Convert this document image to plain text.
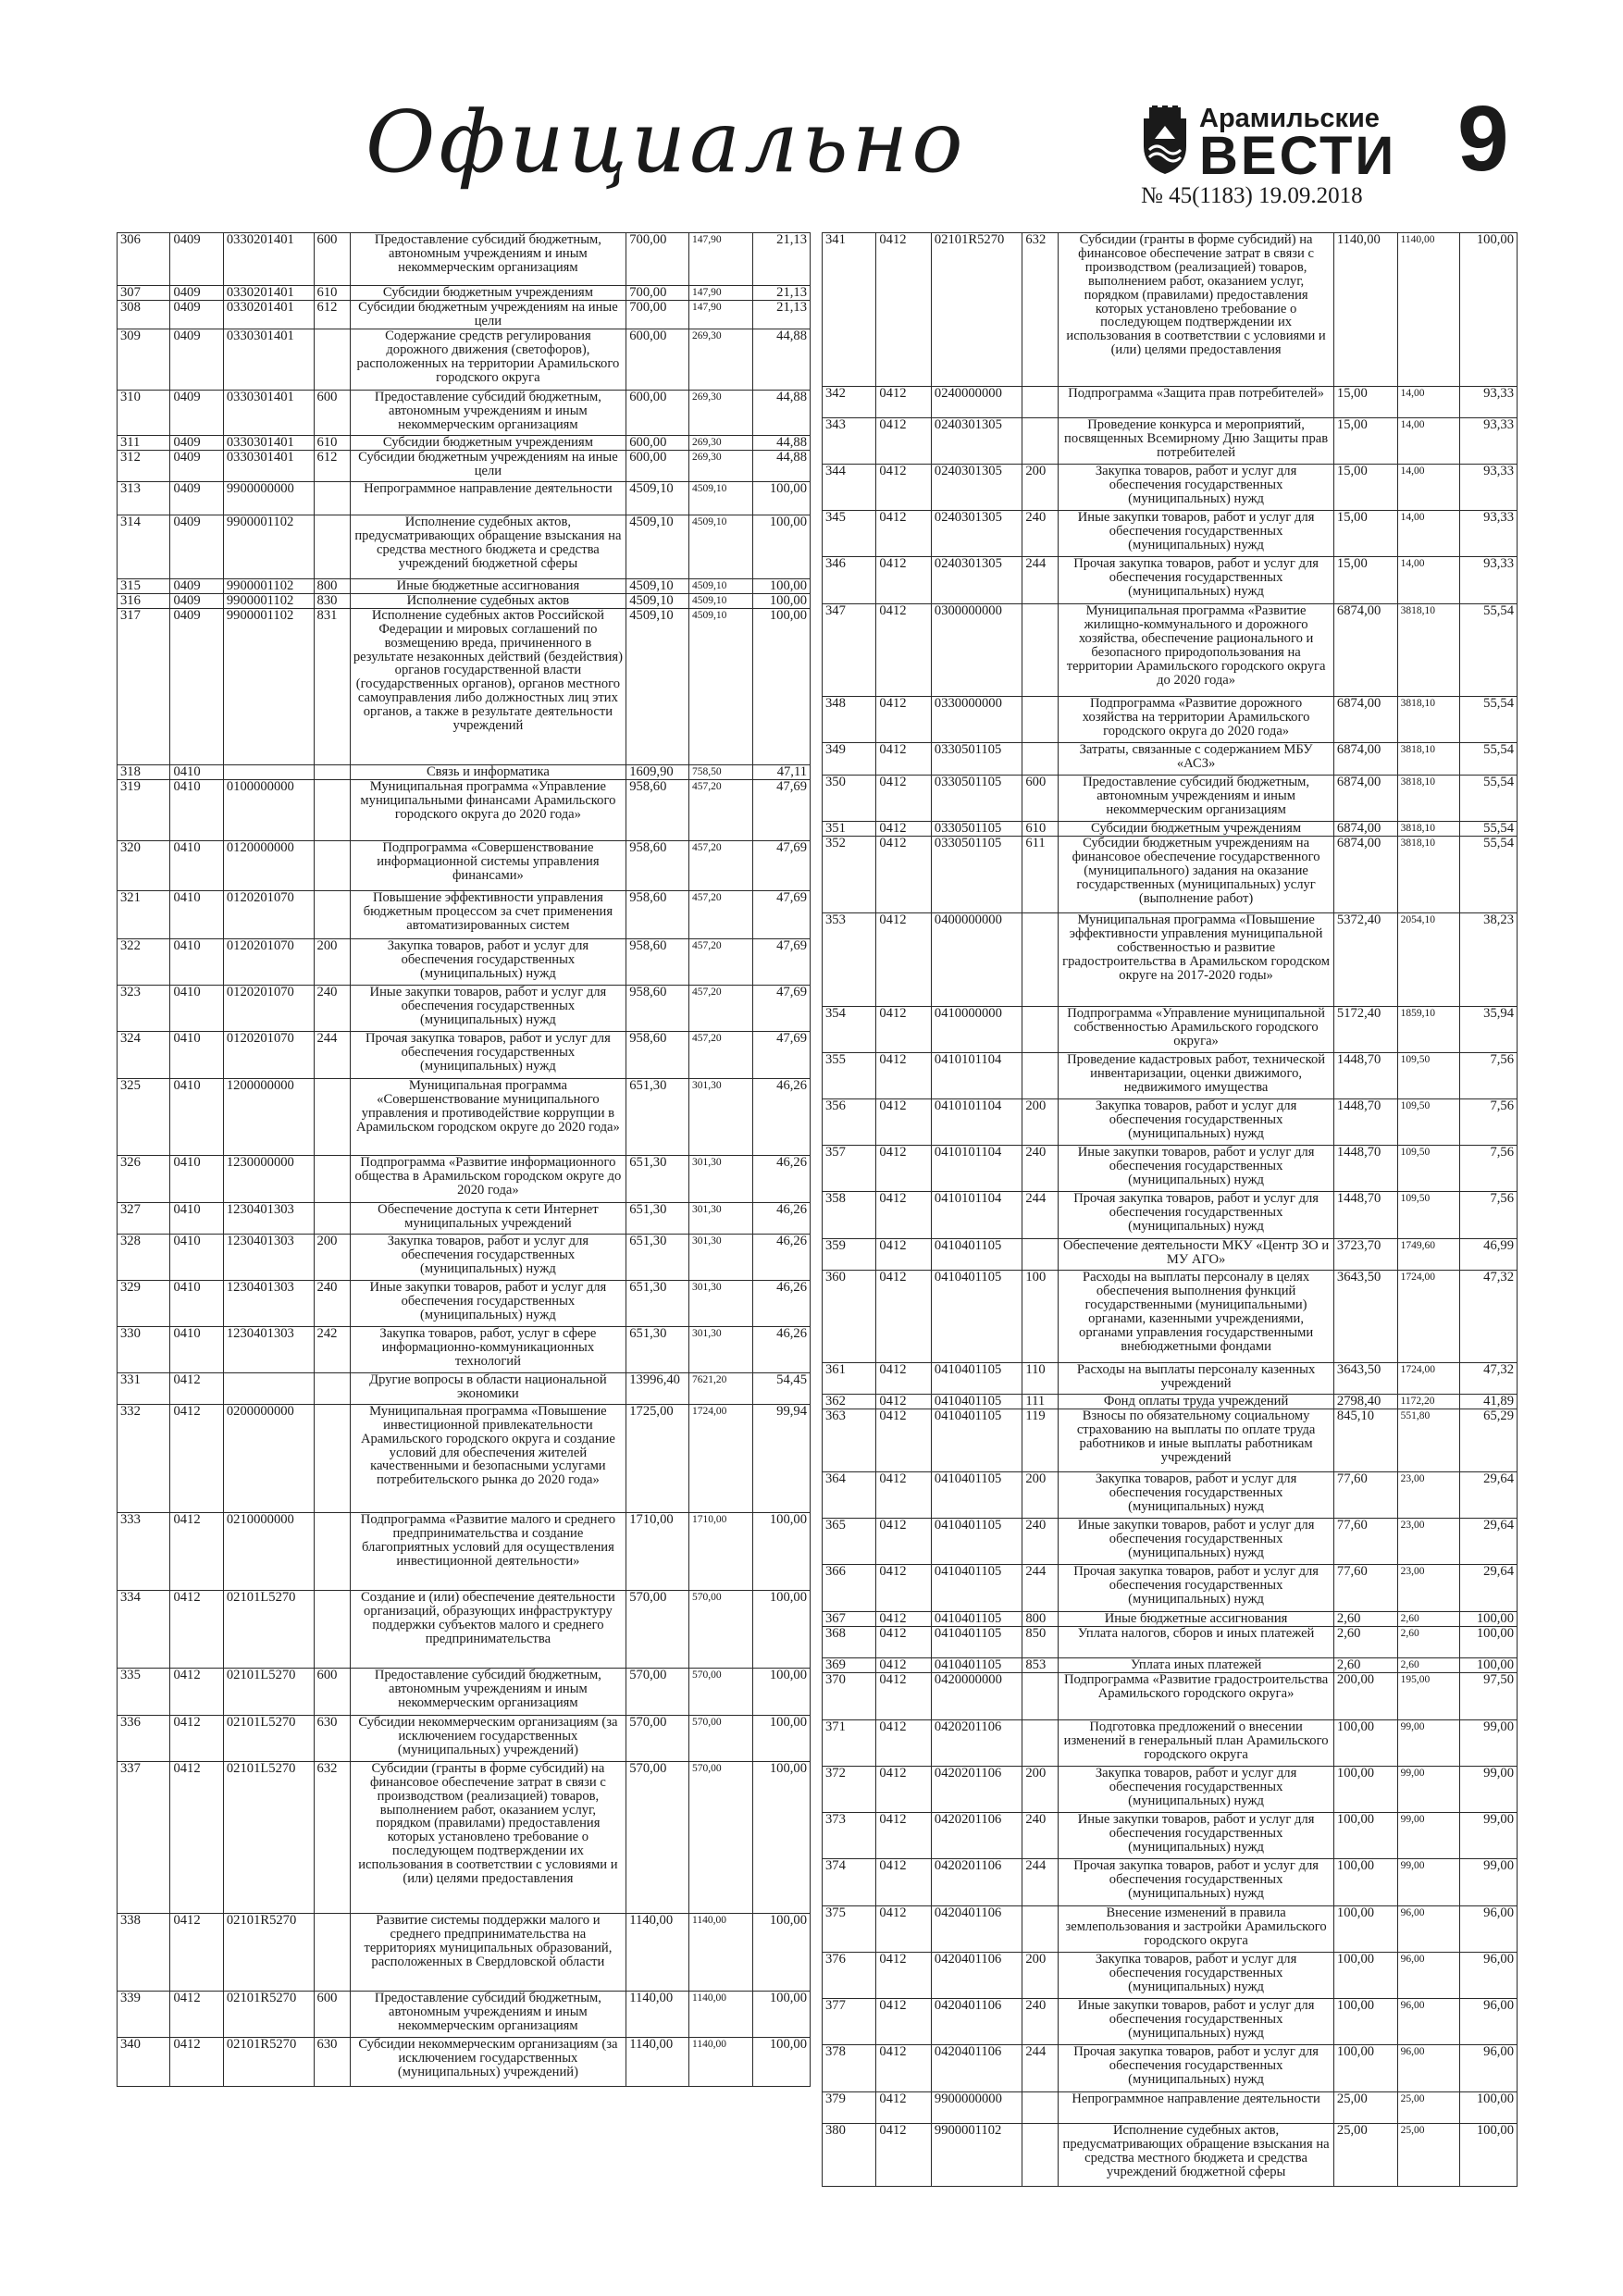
Официально	Арамильские
ВЕСТИ
№ 45(1183) 19.09.2018
9
306	0409	0330201401	600	Предоставление субсидий бюджетным, автономным учреждениям и иным некоммерческим организациям	700,00	147,90	21,13
307	0409	0330201401	610	Субсидии бюджетным учреждениям	700,00	147,90	21,13
308	0409	0330201401	612	Субсидии бюджетным учреждениям на иные цели	700,00	147,90	21,13
309	0409	0330301401		Содержание средств регулирования дорожного движения (светофоров), расположенных на территории Арамильского городского округа	600,00	269,30	44,88
310	0409	0330301401	600	Предоставление субсидий бюджетным, автономным учреждениям и иным некоммерческим организациям	600,00	269,30	44,88
311	0409	0330301401	610	Субсидии бюджетным учреждениям	600,00	269,30	44,88
312	0409	0330301401	612	Субсидии бюджетным учреждениям на иные цели	600,00	269,30	44,88
313	0409	9900000000		Непрограммное направление деятельности	4509,10	4509,10	100,00
314	0409	9900001102		Исполнение судебных актов, предусматривающих обращение взыскания на средства местного бюджета и средства учреждений бюджетной сферы	4509,10	4509,10	100,00
315	0409	9900001102	800	Иные бюджетные ассигнования	4509,10	4509,10	100,00
316	0409	9900001102	830	Исполнение судебных актов	4509,10	4509,10	100,00
317	0409	9900001102	831	Исполнение судебных актов Российской Федерации и мировых соглашений по возмещению вреда, причиненного в результате незаконных действий (бездействия) органов государственной власти (государственных органов), органов местного самоуправления либо должностных лиц этих органов, а также в результате деятельности учреждений	4509,10	4509,10	100,00
318	0410			Связь и информатика	1609,90	758,50	47,11
319	0410	0100000000		Муниципальная программа «Управление муниципальными финансами Арамильского городского округа до 2020 года»	958,60	457,20	47,69
320	0410	0120000000		Подпрограмма «Совершенствование информационной системы управления финансами»	958,60	457,20	47,69
321	0410	0120201070		Повышение эффективности управления бюджетным процессом за счет применения автоматизированных систем	958,60	457,20	47,69
322	0410	0120201070	200	Закупка товаров, работ и услуг для обеспечения государственных (муниципальных) нужд	958,60	457,20	47,69
323	0410	0120201070	240	Иные закупки товаров, работ и услуг для обеспечения государственных (муниципальных) нужд	958,60	457,20	47,69
324	0410	0120201070	244	Прочая закупка товаров, работ и услуг для обеспечения государственных (муниципальных) нужд	958,60	457,20	47,69
325	0410	1200000000		Муниципальная программа «Совершенствование муниципального управления и противодействие коррупции в Арамильском городском округе до 2020 года»	651,30	301,30	46,26
326	0410	1230000000		Подпрограмма «Развитие информационного общества в Арамильском городском округе до 2020 года»	651,30	301,30	46,26
327	0410	1230401303		Обеспечение доступа к сети Интернет муниципальных учреждений	651,30	301,30	46,26
328	0410	1230401303	200	Закупка товаров, работ и услуг для обеспечения государственных (муниципальных) нужд	651,30	301,30	46,26
329	0410	1230401303	240	Иные закупки товаров, работ и услуг для обеспечения государственных (муниципальных) нужд	651,30	301,30	46,26
330	0410	1230401303	242	Закупка товаров, работ, услуг в сфере информационно-коммуникационных технологий	651,30	301,30	46,26
331	0412			Другие вопросы в области национальной экономики	13996,40	7621,20	54,45
332	0412	0200000000		Муниципальная программа «Повышение инвестиционной привлекательности Арамильского городского округа и создание условий для обеспечения жителей качественными и безопасными услугами потребительского рынка до 2020 года»	1725,00	1724,00	99,94
333	0412	0210000000		Подпрограмма «Развитие малого и среднего предпринимательства и создание благоприятных условий для осуществления инвестиционной деятельности»	1710,00	1710,00	100,00
334	0412	02101L5270		Создание и (или) обеспечение деятельности организаций, образующих инфраструктуру поддержки субъектов малого и среднего предпринимательства	570,00	570,00	100,00
335	0412	02101L5270	600	Предоставление субсидий бюджетным, автономным учреждениям и иным некоммерческим организациям	570,00	570,00	100,00
336	0412	02101L5270	630	Субсидии некоммерческим организациям (за исключением государственных (муниципальных) учреждений)	570,00	570,00	100,00
337	0412	02101L5270	632	Субсидии (гранты в форме субсидий) на финансовое обеспечение затрат в связи с производством (реализацией) товаров, выполнением работ, оказанием услуг, порядком (правилами) предоставления которых установлено требование о последующем подтверждении их использования в соответствии с условиями и (или) целями предоставления	570,00	570,00	100,00
338	0412	02101R5270		Развитие системы поддержки малого и среднего предпринимательства на территориях муниципальных образований, расположенных в Свердловской области	1140,00	1140,00	100,00
339	0412	02101R5270	600	Предоставление субсидий бюджетным, автономным учреждениям и иным некоммерческим организациям	1140,00	1140,00	100,00
340	0412	02101R5270	630	Субсидии некоммерческим организациям (за исключением государственных (муниципальных) учреждений)	1140,00	1140,00	100,00
341	0412	02101R5270	632	Субсидии (гранты в форме субсидий) на финансовое обеспечение затрат в связи с производством (реализацией) товаров, выполнением работ, оказанием услуг, порядком (правилами) предоставления которых установлено требование о последующем подтверждении их использования в соответствии с условиями и (или) целями предоставления	1140,00	1140,00	100,00
342	0412	0240000000		Подпрограмма «Защита прав потребителей»	15,00	14,00	93,33
343	0412	0240301305		Проведение конкурса и мероприятий, посвященных Всемирному Дню Защиты прав потребителей	15,00	14,00	93,33
344	0412	0240301305	200	Закупка товаров, работ и услуг для обеспечения государственных (муниципальных) нужд	15,00	14,00	93,33
345	0412	0240301305	240	Иные закупки товаров, работ и услуг для обеспечения государственных (муниципальных) нужд	15,00	14,00	93,33
346	0412	0240301305	244	Прочая закупка товаров, работ и услуг для обеспечения государственных (муниципальных) нужд	15,00	14,00	93,33
347	0412	0300000000		Муниципальная программа «Развитие жилищно-коммунального и дорожного хозяйства, обеспечение рационального и безопасного природопользования на территории Арамильского городского округа до 2020 года»	6874,00	3818,10	55,54
348	0412	0330000000		Подпрограмма «Развитие дорожного хозяйства на территории Арамильского городского округа до 2020 года»	6874,00	3818,10	55,54
349	0412	0330501105		Затраты, связанные с содержанием МБУ «АСЗ»	6874,00	3818,10	55,54
350	0412	0330501105	600	Предоставление субсидий бюджетным, автономным учреждениям и иным некоммерческим организациям	6874,00	3818,10	55,54
351	0412	0330501105	610	Субсидии бюджетным учреждениям	6874,00	3818,10	55,54
352	0412	0330501105	611	Субсидии бюджетным учреждениям на финансовое обеспечение государственного (муниципального) задания на оказание государственных (муниципальных) услуг (выполнение работ)	6874,00	3818,10	55,54
353	0412	0400000000		Муниципальная программа «Повышение эффективности управления муниципальной собственностью и развитие градостроительства в Арамильском городском округе на 2017-2020 годы»	5372,40	2054,10	38,23
354	0412	0410000000		Подпрограмма «Управление муниципальной собственностью Арамильского городского округа»	5172,40	1859,10	35,94
355	0412	0410101104		Проведение кадастровых работ, технической инвентаризации, оценки движимого, недвижимого имущества	1448,70	109,50	7,56
356	0412	0410101104	200	Закупка товаров, работ и услуг для обеспечения государственных (муниципальных) нужд	1448,70	109,50	7,56
357	0412	0410101104	240	Иные закупки товаров, работ и услуг для обеспечения государственных (муниципальных) нужд	1448,70	109,50	7,56
358	0412	0410101104	244	Прочая закупка товаров, работ и услуг для обеспечения государственных (муниципальных) нужд	1448,70	109,50	7,56
359	0412	0410401105		Обеспечение деятельности МКУ «Центр ЗО и МУ АГО»	3723,70	1749,60	46,99
360	0412	0410401105	100	Расходы на выплаты персоналу в целях обеспечения выполнения функций государственными (муниципальными) органами, казенными учреждениями, органами управления государственными внебюджетными фондами	3643,50	1724,00	47,32
361	0412	0410401105	110	Расходы на выплаты персоналу казенных учреждений	3643,50	1724,00	47,32
362	0412	0410401105	111	Фонд оплаты труда учреждений	2798,40	1172,20	41,89
363	0412	0410401105	119	Взносы по обязательному социальному страхованию на выплаты по оплате труда работников и иные выплаты работникам учреждений	845,10	551,80	65,29
364	0412	0410401105	200	Закупка товаров, работ и услуг для обеспечения государственных (муниципальных) нужд	77,60	23,00	29,64
365	0412	0410401105	240	Иные закупки товаров, работ и услуг для обеспечения государственных (муниципальных) нужд	77,60	23,00	29,64
366	0412	0410401105	244	Прочая закупка товаров, работ и услуг для обеспечения государственных (муниципальных) нужд	77,60	23,00	29,64
367	0412	0410401105	800	Иные бюджетные ассигнования	2,60	2,60	100,00
368	0412	0410401105	850	Уплата налогов, сборов и иных платежей	2,60	2,60	100,00
369	0412	0410401105	853	Уплата иных платежей	2,60	2,60	100,00
370	0412	0420000000		Подпрограмма «Развитие градостроительства Арамильского городского округа»	200,00	195,00	97,50
371	0412	0420201106		Подготовка предложений о внесении изменений в генеральный план Арамильского городского округа	100,00	99,00	99,00
372	0412	0420201106	200	Закупка товаров, работ и услуг для обеспечения государственных (муниципальных) нужд	100,00	99,00	99,00
373	0412	0420201106	240	Иные закупки товаров, работ и услуг для обеспечения государственных (муниципальных) нужд	100,00	99,00	99,00
374	0412	0420201106	244	Прочая закупка товаров, работ и услуг для обеспечения государственных (муниципальных) нужд	100,00	99,00	99,00
375	0412	0420401106		Внесение изменений в правила землепользования и застройки Арамильского городского округа	100,00	96,00	96,00
376	0412	0420401106	200	Закупка товаров, работ и услуг для обеспечения государственных (муниципальных) нужд	100,00	96,00	96,00
377	0412	0420401106	240	Иные закупки товаров, работ и услуг для обеспечения государственных (муниципальных) нужд	100,00	96,00	96,00
378	0412	0420401106	244	Прочая закупка товаров, работ и услуг для обеспечения государственных (муниципальных) нужд	100,00	96,00	96,00
379	0412	9900000000		Непрограммное направление деятельности	25,00	25,00	100,00
380	0412	9900001102		Исполнение судебных актов, предусматривающих обращение взыскания на средства местного бюджета и средства учреждений бюджетной сферы	25,00	25,00	100,00
